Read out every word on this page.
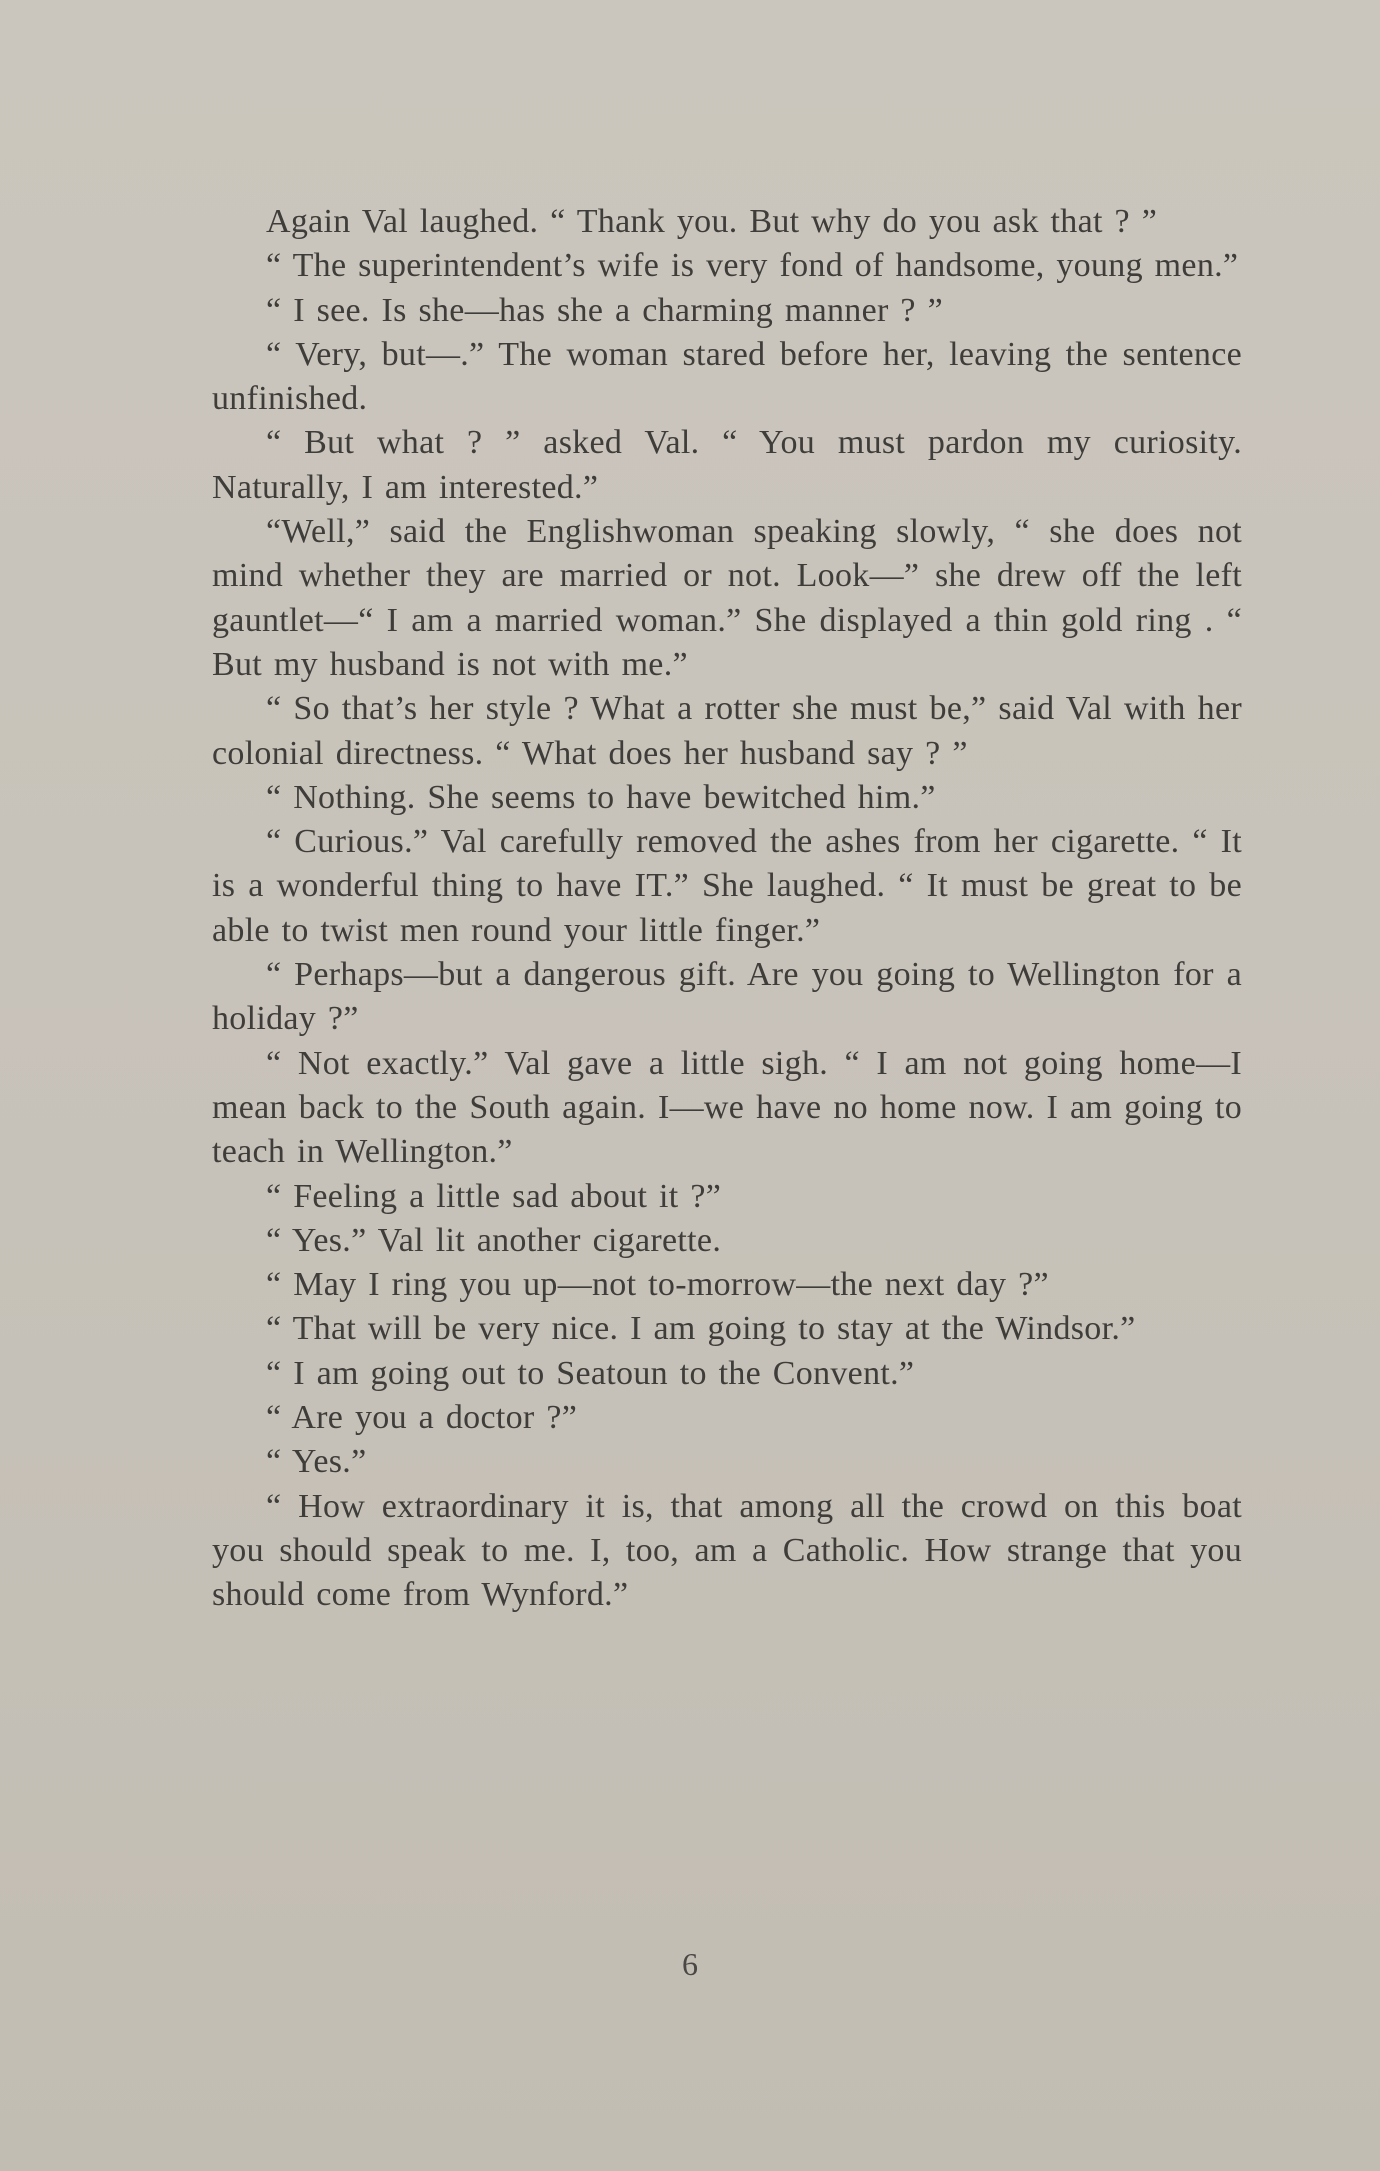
Again Val laughed. “ Thank you. But why do you ask that ? ”

“ The superintendent’s wife is very fond of handsome, young men.”

“ I see. Is she—has she a charming manner ? ”

“ Very, but—.” The woman stared before her, leaving the sentence unfinished.

“ But what ? ” asked Val. “ You must pardon my curiosity. Naturally, I am interested.”

“Well,” said the Englishwoman speaking slowly, “ she does not mind whether they are married or not. Look—” she drew off the left gauntlet—“ I am a married woman.” She displayed a thin gold ring . “ But my husband is not with me.”

“ So that’s her style ? What a rotter she must be,” said Val with her colonial directness. “ What does her husband say ? ”

“ Nothing. She seems to have bewitched him.”

“ Curious.” Val carefully removed the ashes from her cigarette. “ It is a wonderful thing to have IT.” She laughed. “ It must be great to be able to twist men round your little finger.”

“ Perhaps—but a dangerous gift. Are you going to Wellington for a holiday ?”

“ Not exactly.” Val gave a little sigh. “ I am not going home—I mean back to the South again. I—we have no home now. I am going to teach in Wellington.”

“ Feeling a little sad about it ?”

“ Yes.” Val lit another cigarette.

“ May I ring you up—not to-morrow—the next day ?”

“ That will be very nice. I am going to stay at the Windsor.”

“ I am going out to Seatoun to the Convent.”

“ Are you a doctor ?”

“ Yes.”

“ How extraordinary it is, that among all the crowd on this boat you should speak to me. I, too, am a Catholic. How strange that you should come from Wynford.”

6
